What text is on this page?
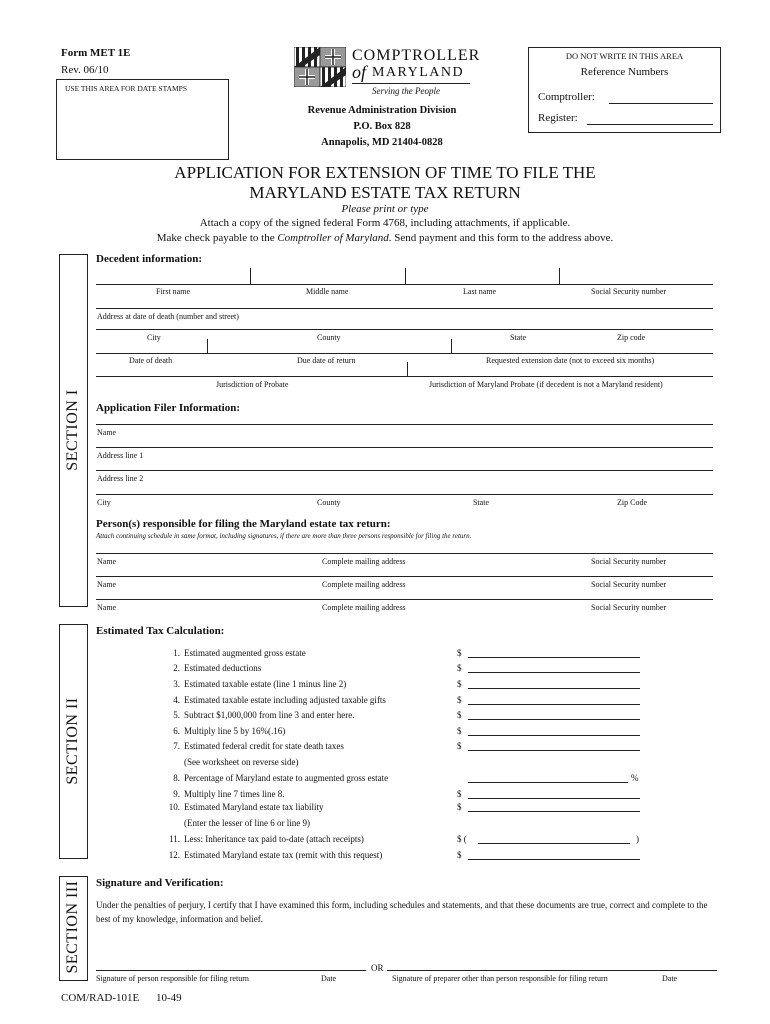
Form MET 1E
Rev. 06/10
USE THIS AREA FOR DATE STAMPS
COMPTROLLER
of MARYLAND
Serving the People
Revenue Administration Division
P.O. Box 828
Annapolis, MD 21404-0828
DO NOT WRITE IN THIS AREA
Reference Numbers
Comptroller:
Register:
APPLICATION FOR EXTENSION OF TIME TO FILE THE
MARYLAND ESTATE TAX RETURN
Please print or type
Attach a copy of the signed federal Form 4768, including attachments, if applicable.
Make check payable to the Comptroller of Maryland. Send payment and this form to the address above.
SECTION I
Decedent information:
First name	Middle name	Last name	Social Security number
Address at date of death (number and street)
City	County	State	Zip code
Date of death	Due date of return	Requested extension date (not to exceed six months)
Jurisdiction of Probate	Jurisdiction of Maryland Probate (if decedent is not a Maryland resident)
Application Filer Information:
Name
Address line 1
Address line 2
City	County	State	Zip Code
Person(s) responsible for filing the Maryland estate tax return:
Attach continuing schedule in same format, including signatures, if there are more than three persons responsible for filing the return.
Name	Complete mailing address	Social Security number
Name	Complete mailing address	Social Security number
Name	Complete mailing address	Social Security number
SECTION II
Estimated Tax Calculation:
1. Estimated augmented gross estate	$
2. Estimated deductions	$
3. Estimated taxable estate (line 1 minus line 2)	$
4. Estimated taxable estate including adjusted taxable gifts	$
5. Subtract $1,000,000 from line 3 and enter here.	$
6. Multiply line 5 by 16%(.16)	$
7. Estimated federal credit for state death taxes	$
(See worksheet on reverse side)
8. Percentage of Maryland estate to augmented gross estate	%
9. Multiply line 7 times line 8.	$
10. Estimated Maryland estate tax liability	$
(Enter the lesser of line 6 or line 9)
11. Less: Inheritance tax paid to-date (attach receipts)	$ (	)
12. Estimated Maryland estate tax (remit with this request)	$
SECTION III Signature and Verification:
Under the penalties of perjury, I certify that I have examined this form, including schedules and statements, and that these documents are true, correct and complete to the best of my knowledge, information and belief.
OR
Signature of person responsible for filing return	Date	Signature of preparer other than person responsible for filing return	Date
COM/RAD-101E 10-49
